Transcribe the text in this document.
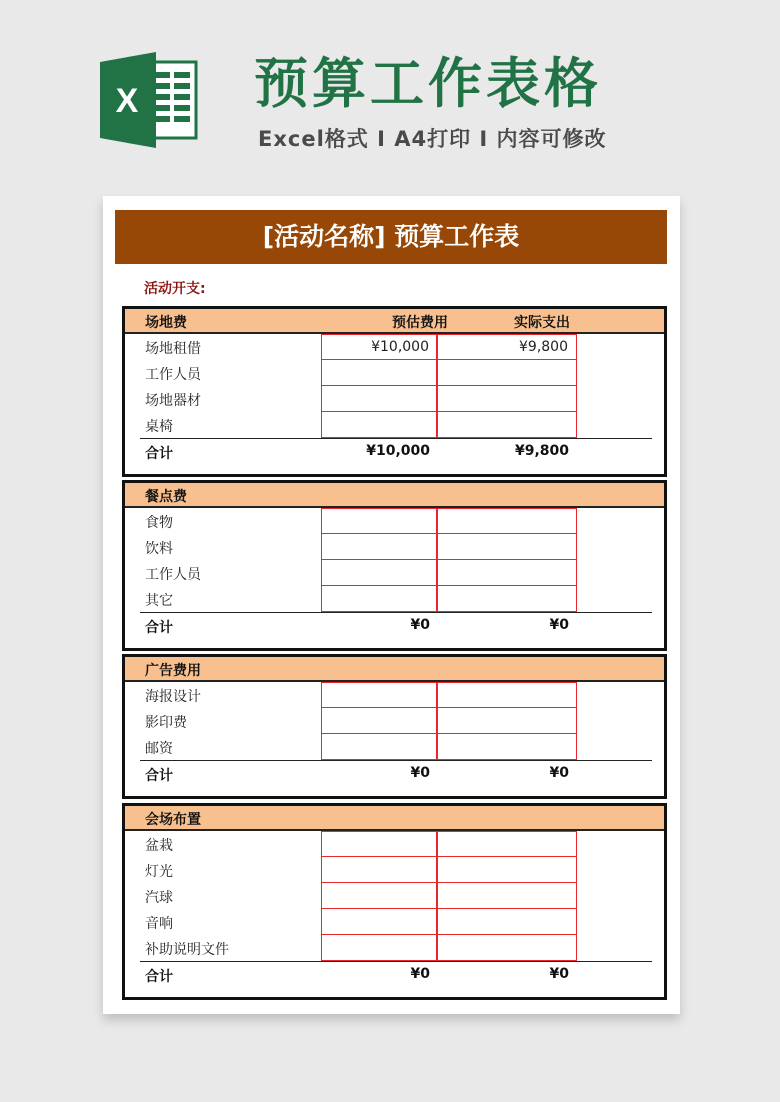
X 预算工作表格
Excel格式 I A4打印 I 内容可修改
[活动名称] 预算工作表
活动开支:
场地费	预估费用	实际支出
场地租借	¥10,000	¥9,800
工作人员
场地器材
桌椅
合计	¥10,000	¥9,800
餐点费
食物
饮料
工作人员
其它
合计	¥0	¥0
广告费用
海报设计
影印费
邮资
合计	¥0	¥0
会场布置
盆栽
灯光
汽球
音响
补助说明文件
合计	¥0	¥0
